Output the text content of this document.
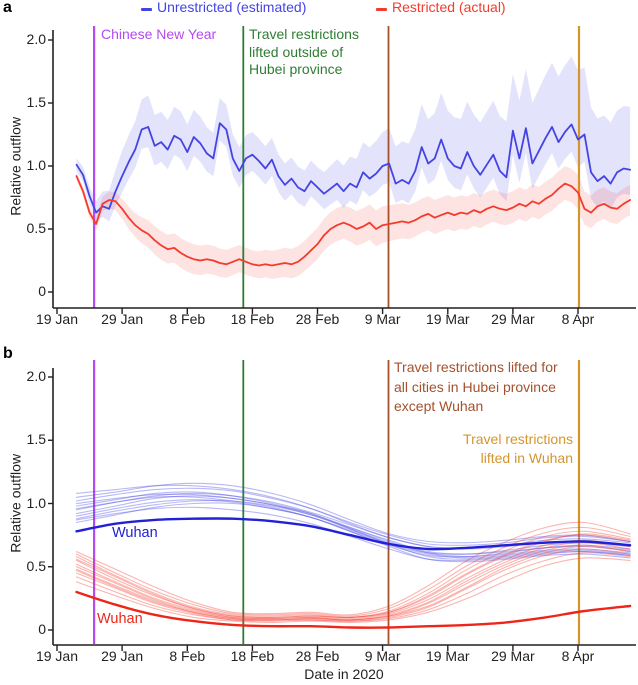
a
b
Unrestricted (estimated)	Restricted (actual)
Relative outflow
Relative outflow
Date in 2020
19 Jan
19 Jan
29 Jan
29 Jan
8 Feb
8 Feb
18 Feb
18 Feb
28 Feb
28 Feb
9 Mar
9 Mar
19 Mar
19 Mar
29 Mar
29 Mar
8 Apr
8 Apr
2.0
2.0
1.5
1.5
1.0
1.0
0.5
0.5
0
0
Chinese New Year Travel restrictions
lifted outside of
Hubei province
Travel restrictions lifted for
all cities in Hubei province
except Wuhan
Travel restrictions
lifted in Wuhan
Wuhan
Wuhan
